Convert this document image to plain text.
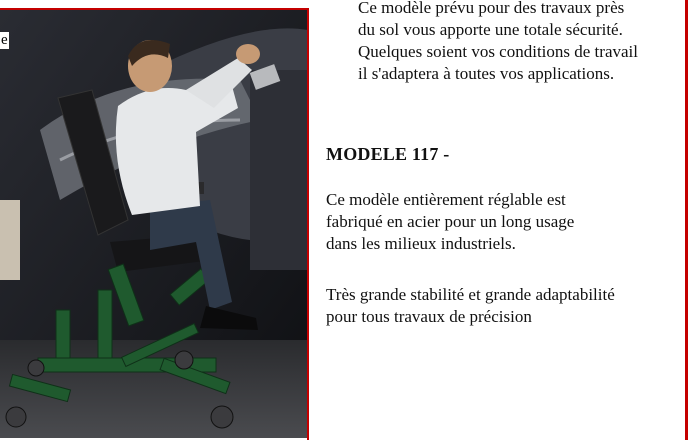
e
Ce modèle prévu pour des travaux près
du sol vous apporte une totale sécurité.
Quelques soient vos conditions de travail
il s'adaptera à toutes vos applications.
MODELE 117 -
Ce modèle entièrement réglable est
fabriqué en acier pour un long usage
dans les milieux industriels.
Très grande stabilité et grande adaptabilité
pour tous travaux de précision
